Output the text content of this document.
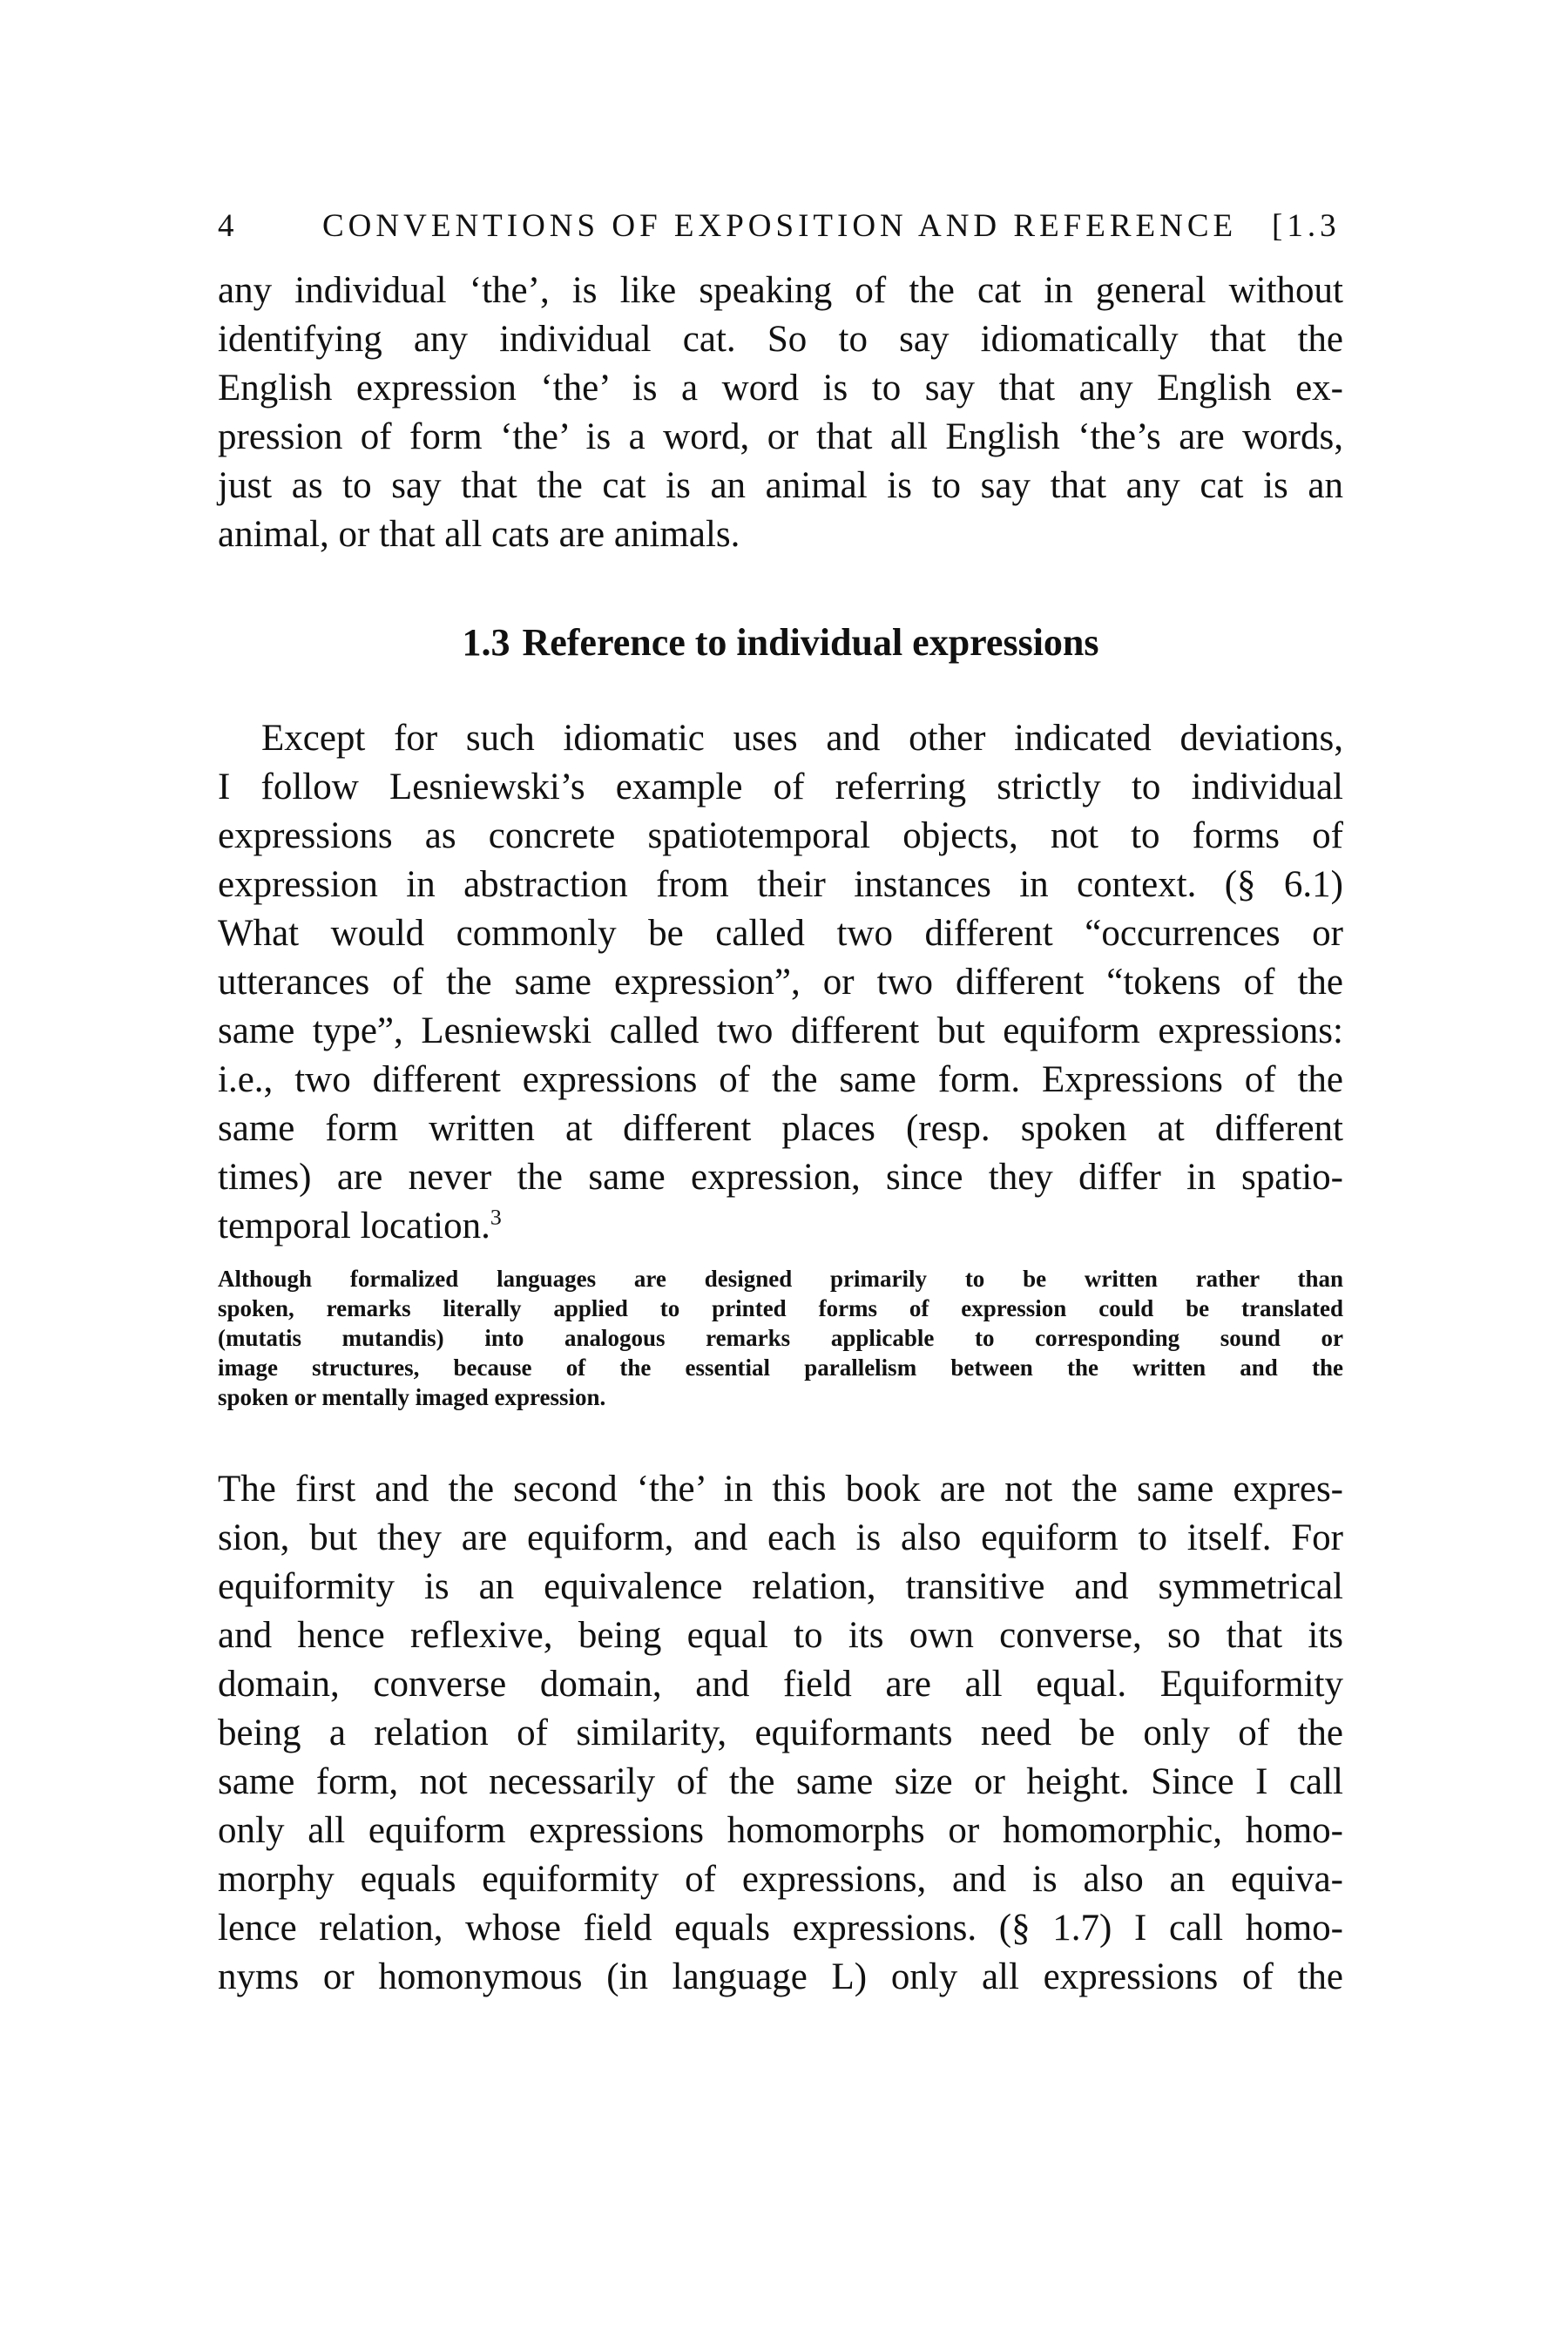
4	CONVENTIONS OF EXPOSITION AND REFERENCE [1.3
any individual ‘the’, is like speaking of the cat in general without
identifying any individual cat. So to say idiomatically that the
English expression ‘the’ is a word is to say that any English ex-
pression of form ‘the’ is a word, or that all English ‘the’s are words,
just as to say that the cat is an animal is to say that any cat is an
animal, or that all cats are animals.
1.3 Reference to individual expressions
Except for such idiomatic uses and other indicated deviations,
I follow Lesniewski’s example of referring strictly to individual
expressions as concrete spatiotemporal objects, not to forms of
expression in abstraction from their instances in context. (§ 6.1)
What would commonly be called two different “occurrences or
utterances of the same expression”, or two different “tokens of the
same type”, Lesniewski called two different but equiform expressions:
i.e., two different expressions of the same form. Expressions of the
same form written at different places (resp. spoken at different
times) are never the same expression, since they differ in spatio-
temporal location.$^3$
Although formalized languages are designed primarily to be written rather than
spoken, remarks literally applied to printed forms of expression could be translated
(mutatis mutandis) into analogous remarks applicable to corresponding sound or
image structures, because of the essential parallelism between the written and the
spoken or mentally imaged expression.
The first and the second ‘the’ in this book are not the same expres-
sion, but they are equiform, and each is also equiform to itself. For
equiformity is an equivalence relation, transitive and symmetrical
and hence reflexive, being equal to its own converse, so that its
domain, converse domain, and field are all equal. Equiformity
being a relation of similarity, equiformants need be only of the
same form, not necessarily of the same size or height. Since I call
only all equiform expressions homomorphs or homomorphic, homo-
morphy equals equiformity of expressions, and is also an equiva-
lence relation, whose field equals expressions. (§ 1.7) I call homo-
nyms or homonymous (in language L) only all expressions of the
